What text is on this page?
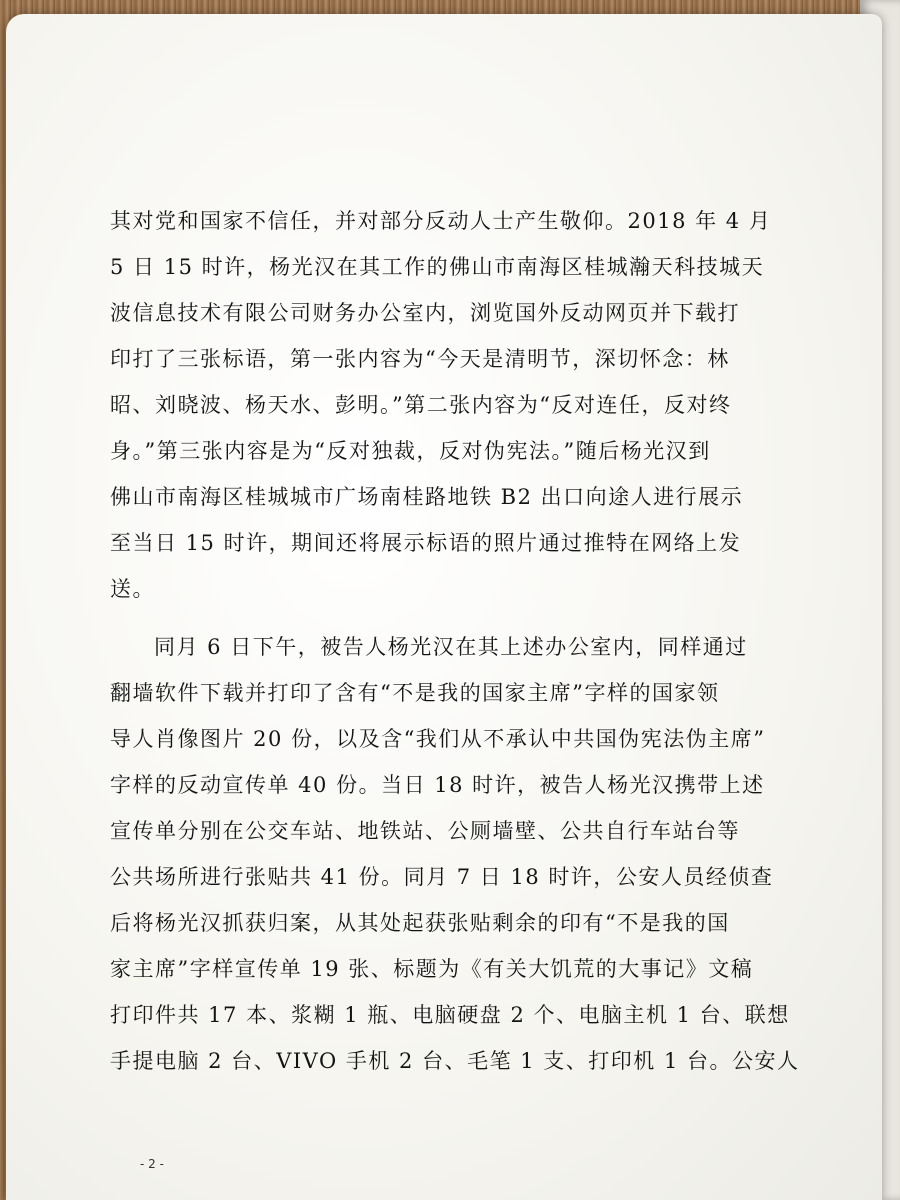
其对党和国家不信任，并对部分反动人士产生敬仰。2018 年 4 月
5 日 15 时许，杨光汉在其工作的佛山市南海区桂城瀚天科技城天
波信息技术有限公司财务办公室内，浏览国外反动网页并下载打
印打了三张标语，第一张内容为“今天是清明节，深切怀念：林
昭、刘晓波、杨天水、彭明。”第二张内容为“反对连任，反对终
身。”第三张内容是为“反对独裁，反对伪宪法。”随后杨光汉到
佛山市南海区桂城城市广场南桂路地铁 B2 出口向途人进行展示
至当日 15 时许，期间还将展示标语的照片通过推特在网络上发
送。
同月 6 日下午，被告人杨光汉在其上述办公室内，同样通过
翻墙软件下载并打印了含有“不是我的国家主席”字样的国家领
导人肖像图片 20 份，以及含“我们从不承认中共国伪宪法伪主席”
字样的反动宣传单 40 份。当日 18 时许，被告人杨光汉携带上述
宣传单分别在公交车站、地铁站、公厕墙壁、公共自行车站台等
公共场所进行张贴共 41 份。同月 7 日 18 时许，公安人员经侦查
后将杨光汉抓获归案，从其处起获张贴剩余的印有“不是我的国
家主席”字样宣传单 19 张、标题为《有关大饥荒的大事记》文稿
打印件共 17 本、浆糊 1 瓶、电脑硬盘 2 个、电脑主机 1 台、联想
手提电脑 2 台、VIVO 手机 2 台、毛笔 1 支、打印机 1 台。公安人
- 2 -
